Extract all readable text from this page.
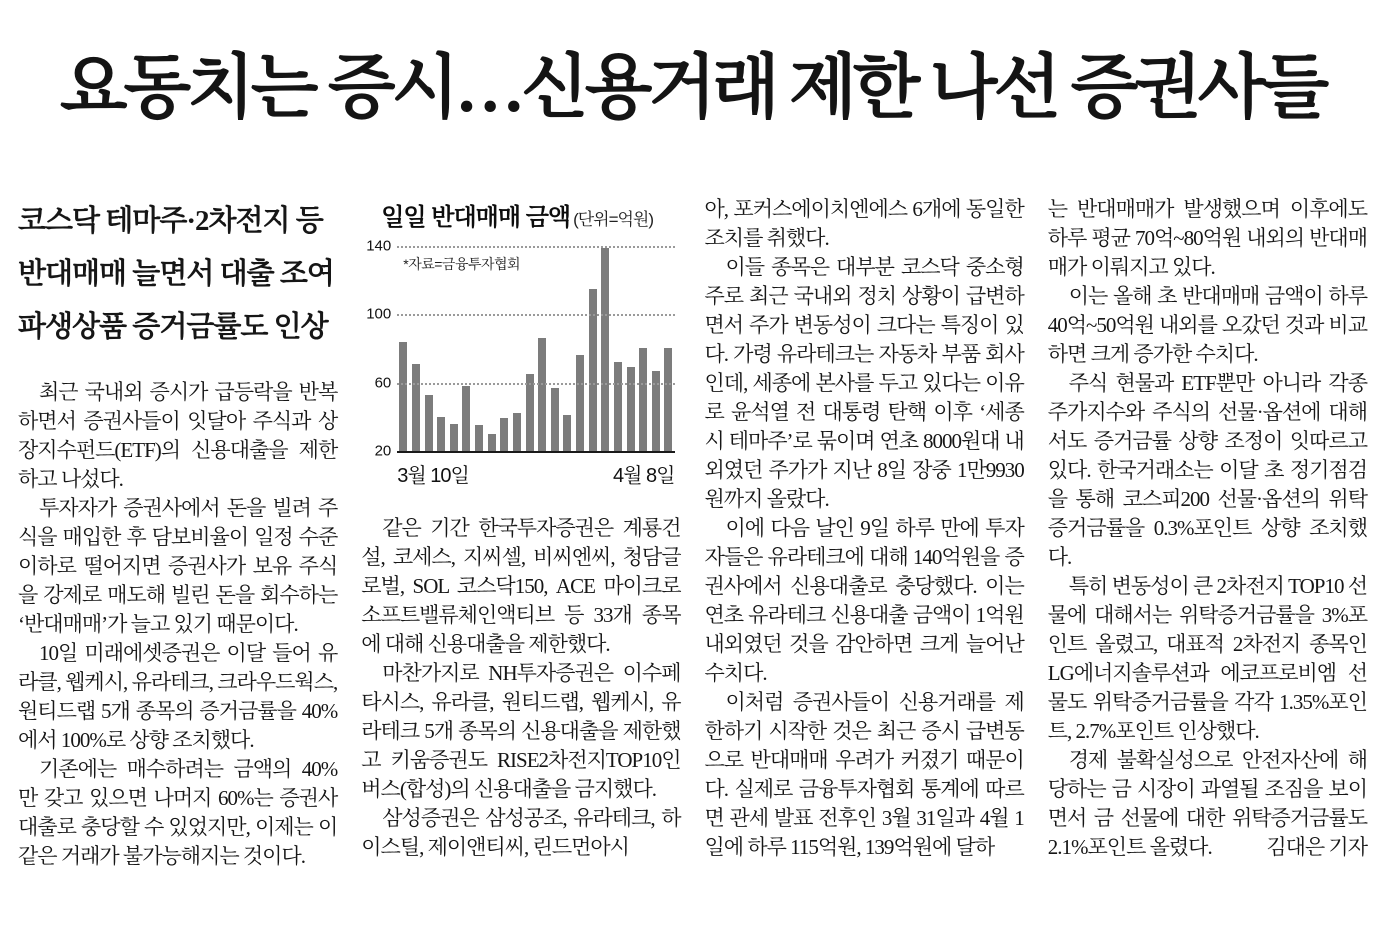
요동치는 증시…신용거래 제한 나선 증권사들
코스닥 테마주·2차전지 등
반대매매 늘면서 대출 조여
파생상품 증거금률도 인상

최근 국내외 증시가 급등락을 반복하면서 증권사들이 잇달아 주식과 상장지수펀드(ETF)의 신용대출을 제한하고 나섰다.

투자자가 증권사에서 돈을 빌려 주식을 매입한 후 담보비율이 일정 수준 이하로 떨어지면 증권사가 보유 주식을 강제로 매도해 빌린 돈을 회수하는 ‘반대매매’가 늘고 있기 때문이다.

10일 미래에셋증권은 이달 들어 유라클, 웹케시, 유라테크, 크라우드웍스, 원티드랩 5개 종목의 증거금률을 40%에서 100%로 상향 조치했다.

기존에는 매수하려는 금액의 40%만 갖고 있으면 나머지 60%는 증권사 대출로 충당할 수 있었지만, 이제는 이 같은 거래가 불가능해지는 것이다.

일일 반대매매 금액 (단위=억원)
*자료=금융투자협회
20
60
100
140
3월 10일	4월 8일

같은 기간 한국투자증권은 계룡건설, 코세스, 지씨셀, 비씨엔씨, 청담글로벌, SOL 코스닥150, ACE 마이크로소프트밸류체인액티브 등 33개 종목에 대해 신용대출을 제한했다.

마찬가지로 NH투자증권은 이수페타시스, 유라클, 원티드랩, 웹케시, 유라테크 5개 종목의 신용대출을 제한했고 키움증권도 RISE2차전지TOP10인버스(합성)의 신용대출을 금지했다.

삼성증권은 삼성공조, 유라테크, 하이스틸, 제이앤티씨, 린드먼아시

아, 포커스에이치엔에스 6개에 동일한 조치를 취했다.

이들 종목은 대부분 코스닥 중소형주로 최근 국내외 정치 상황이 급변하면서 주가 변동성이 크다는 특징이 있다. 가령 유라테크는 자동차 부품 회사인데, 세종에 본사를 두고 있다는 이유로 윤석열 전 대통령 탄핵 이후 ‘세종시 테마주’로 묶이며 연초 8000원대 내외였던 주가가 지난 8일 장중 1만9930원까지 올랐다.

이에 다음 날인 9일 하루 만에 투자자들은 유라테크에 대해 140억원을 증권사에서 신용대출로 충당했다. 이는 연초 유라테크 신용대출 금액이 1억원 내외였던 것을 감안하면 크게 늘어난 수치다.

이처럼 증권사들이 신용거래를 제한하기 시작한 것은 최근 증시 급변동으로 반대매매 우려가 커졌기 때문이다. 실제로 금융투자협회 통계에 따르면 관세 발표 전후인 3월 31일과 4월 1일에 하루 115억원, 139억원에 달하

는 반대매매가 발생했으며 이후에도 하루 평균 70억~80억원 내외의 반대매매가 이뤄지고 있다.

이는 올해 초 반대매매 금액이 하루 40억~50억원 내외를 오갔던 것과 비교하면 크게 증가한 수치다.

주식 현물과 ETF뿐만 아니라 각종 주가지수와 주식의 선물·옵션에 대해서도 증거금률 상향 조정이 잇따르고 있다. 한국거래소는 이달 초 정기점검을 통해 코스피200 선물·옵션의 위탁증거금률을 0.3%포인트 상향 조치했다.

특히 변동성이 큰 2차전지 TOP10 선물에 대해서는 위탁증거금률을 3%포인트 올렸고, 대표적 2차전지 종목인 LG에너지솔루션과 에코프로비엠 선물도 위탁증거금률을 각각 1.35%포인트, 2.7%포인트 인상했다.

경제 불확실성으로 안전자산에 해당하는 금 시장이 과열될 조짐을 보이면서 금 선물에 대한 위탁증거금률도 2.1%포인트 올렸다.	김대은 기자
